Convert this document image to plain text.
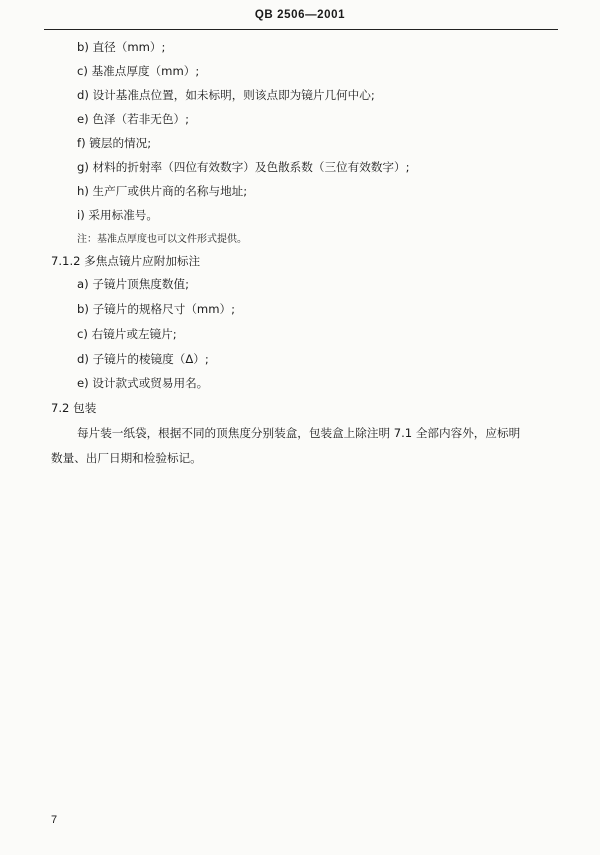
QB 2506—2001
b) 直径（mm）;
c) 基准点厚度（mm）;
d) 设计基准点位置，如未标明，则该点即为镜片几何中心;
e) 色泽（若非无色）;
f) 镀层的情况;
g) 材料的折射率（四位有效数字）及色散系数（三位有效数字）;
h) 生产厂或供片商的名称与地址;
i) 采用标准号。
注：基准点厚度也可以文件形式提供。
7.1.2 多焦点镜片应附加标注
a) 子镜片顶焦度数值;
b) 子镜片的规格尺寸（mm）;
c) 右镜片或左镜片;
d) 子镜片的棱镜度（Δ）;
e) 设计款式或贸易用名。
7.2 包装
每片装一纸袋，根据不同的顶焦度分别装盒，包装盒上除注明 7.1 全部内容外，应标明
数量、出厂日期和检验标记。
7
